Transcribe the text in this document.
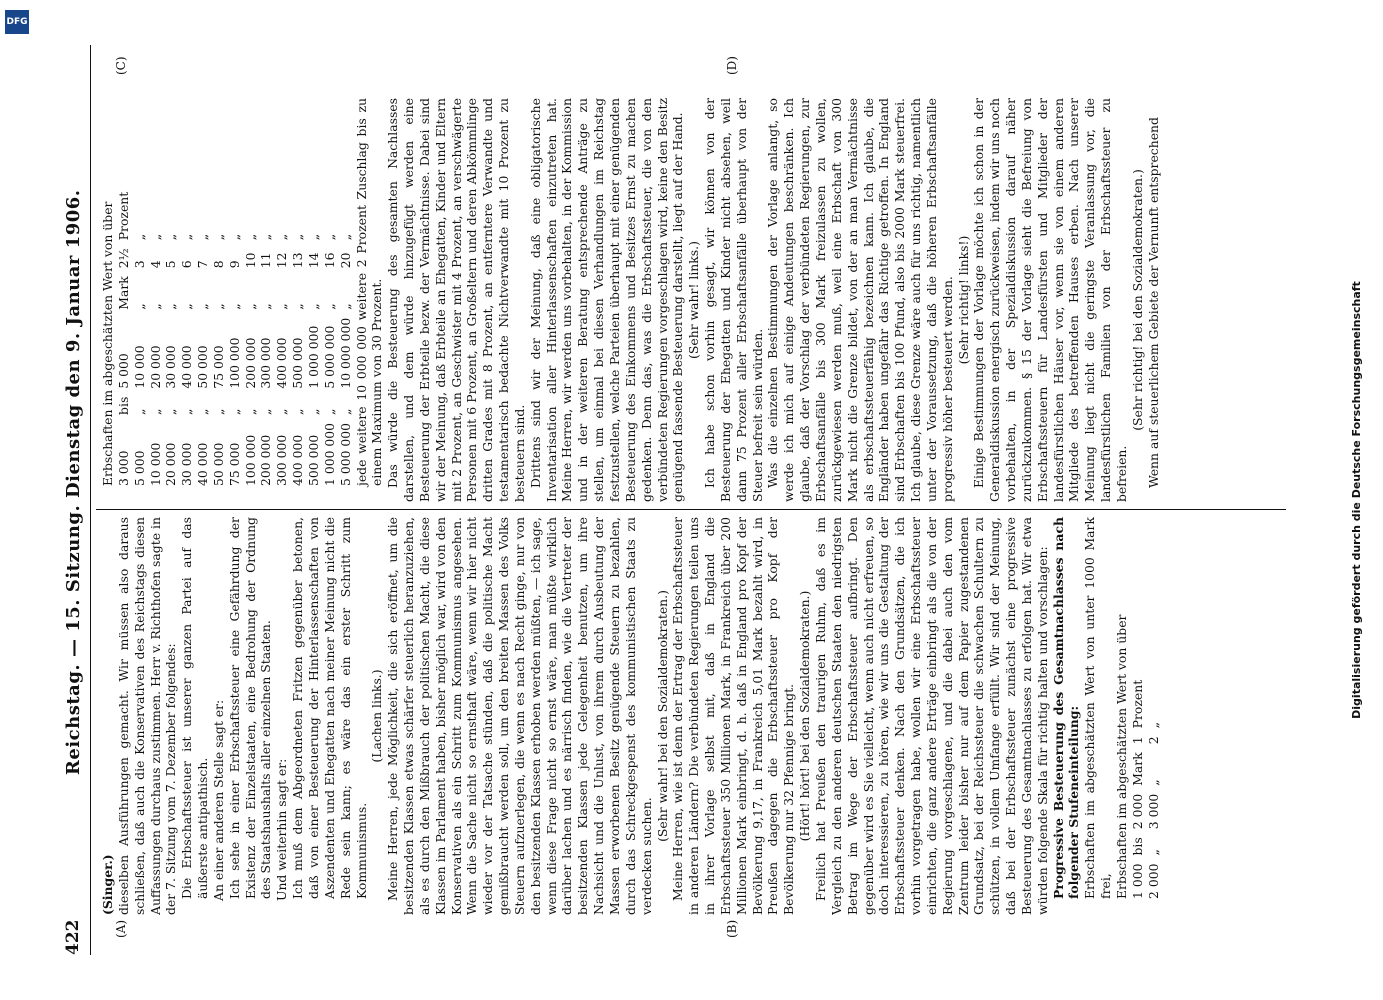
422
Reichstag. — 15. Sitzung. Dienstag den 9. Januar 1906.
(A)	(B)
(C)	(D)

(Singer.) dieselben Ausführungen gemacht. Wir müssen also daraus schließen, daß auch die Konservativen des Reichstags diesen Auffassungen durchaus zustimmen. Herr v. Richthofen sagte in der 7. Sitzung vom 7. Dezember folgendes: Die Erbschaftssteuer ist unserer ganzen Partei auf das äußerste antipathisch. An einer anderen Stelle sagt er: Ich sehe in einer Erbschaftssteuer eine Gefährdung der Existenz der Einzelstaaten, eine Bedrohung der Ordnung des Staatshaushalts aller einzelnen Staaten. Und weiterhin sagt er: Ich muß dem Abgeordneten Fritzen gegenüber betonen, daß von einer Besteuerung der Hinterlassenschaften von Aszendenten und Ehegatten nach meiner Meinung nicht die Rede sein kann; es wäre das ein erster Schritt zum Kommunismus.

(Lachen links.) Meine Herren, jede Möglichkeit, die sich eröffnet, um die besitzenden Klassen etwas schärfer steuerlich heranzuziehen, als es durch den Mißbrauch der politischen Macht, die diese Klassen im Parlament haben, bisher möglich war, wird von den Konservativen als ein Schritt zum Kommunismus angesehen. Wenn die Sache nicht so ernsthaft wäre, wenn wir hier nicht wieder vor der Tatsache stünden, daß die politische Macht gemißbraucht werden soll, um den breiten Massen des Volks Steuern aufzuerlegen, die wenn es nach Recht ginge, nur von den besitzenden Klassen erhoben werden müßten, — ich sage, wenn diese Frage nicht so ernst wäre, man müßte wirklich darüber lachen und es närrisch finden, wie die Vertreter der besitzenden Klassen jede Gelegenheit benutzen, um ihre Nachsicht und die Unlust, von ihrem durch Ausbeutung der Massen erworbenen Besitz genügende Steuern zu bezahlen, durch das Schreckgespenst des kommunistischen Staats zu verdecken suchen.

(Sehr wahr! bei den Sozialdemokraten.) Meine Herren, wie ist denn der Ertrag der Erbschaftssteuer in anderen Ländern? Die verbündeten Regierungen teilen uns in ihrer Vorlage selbst mit, daß in England die Erbschaftssteuer 350 Millionen Mark, in Frankreich über 200 Millionen Mark einbringt, d. h. daß in England pro Kopf der Bevölkerung 9,17, in Frankreich 5,01 Mark bezahlt wird, in Preußen dagegen die Erbschaftssteuer pro Kopf der Bevölkerung nur 32 Pfennige bringt. (Hört! hört! bei den Sozialdemokraten.) Freilich hat Preußen den traurigen Ruhm, daß es im Vergleich zu den anderen deutschen Staaten den niedrigsten Betrag im Wege der Erbschaftssteuer aufbringt. Den gegenüber wird es Sie vielleicht, wenn auch nicht erfreuen, so doch interessieren, zu hören, wie wir uns die Gestaltung der Erbschaftssteuer denken. Nach den Grundsätzen, die ich vorhin vorgetragen habe, wollen wir eine Erbschaftssteuer einrichten, die ganz andere Erträge einbringt als die von der Regierung vorgeschlagene, und die dabei auch den vom Zentrum leider bisher nur auf dem Papier zugestandenen Grundsatz, bei der Reichssteuer die schwachen Schultern zu schützen, in vollem Umfange erfüllt. Wir sind der Meinung, daß bei der Erbschaftssteuer zunächst eine progressive Besteuerung des Gesamtnachlasses zu erfolgen hat. Wir etwa würden folgende Skala für richtig halten und vorschlagen: Progressive Besteuerung des Gesamtnachlasses nach folgender Stufeneinteilung: Erbschaften im abgeschätzten Wert von unter 1000 Mark frei, Erbschaften im abgeschätzten Wert von über 1 000	bis	2 000	Mark	1	Prozent
2 000	„	3 000	„	2	„

Erbschaften im abgeschätzten Wert von über 3 000	bis	5 000	Mark	2½	Prozent
5 000	„	10 000	„	3	„
10 000	„	20 000	„	4	„
20 000	„	30 000	„	5	„
30 000	„	40 000	„	6	„
40 000	„	50 000	„	7	„
50 000	„	75 000	„	8	„
75 000	„	100 000	„	9	„
100 000	„	200 000	„	10	„
200 000	„	300 000	„	11	„
300 000	„	400 000	„	12	„
400 000	„	500 000	„	13	„
500 000	„	1 000 000	„	14	„
1 000 000	„	5 000 000	„	16	„
5 000 000	„	10 000 000	„	20	„ jede weitere 10 000 000 weitere 2 Prozent Zuschlag bis zu einem Maximum von 30 Prozent. Das würde die Besteuerung des gesamten Nachlasses darstellen, und dem würde hinzugefügt werden eine Besteuerung der Erbteile bezw. der Vermächtnisse. Dabei sind wir der Meinung, daß Erbteile an Ehegatten, Kinder und Eltern mit 2 Prozent, an Geschwister mit 4 Prozent, an verschwägerte Personen mit 6 Prozent, an Großeltern und deren Abkömmlinge dritten Grades mit 8 Prozent, an entferntere Verwandte und testamentarisch bedachte Nichtverwandte mit 10 Prozent zu besteuern sind. Drittens sind wir der Meinung, daß eine obligatorische Inventarisation aller Hinterlassenschaften einzutreten hat. Meine Herren, wir werden uns vorbehalten, in der Kommission und in der weiteren Beratung entsprechende Anträge zu stellen, um einmal bei diesen Verhandlungen im Reichstag festzustellen, welche Parteien überhaupt mit einer genügenden Besteuerung des Einkommens und Besitzes Ernst zu machen gedenken. Denn das, was die Erbschaftssteuer, die von den verbündeten Regierungen vorgeschlagen wird, keine den Besitz genügend fassende Besteuerung darstellt, liegt auf der Hand. (Sehr wahr! links.) Ich habe schon vorhin gesagt, wir können von der Besteuerung der Ehegatten und Kinder nicht absehen, weil dann 75 Prozent aller Erbschaftsanfälle überhaupt von der Steuer befreit sein würden. Was die einzelnen Bestimmungen der Vorlage anlangt, so werde ich mich auf einige Andeutungen beschränken. Ich glaube, daß der Vorschlag der verbündeten Regierungen, zur Erbschaftsanfälle bis 300 Mark freizulassen zu wollen, zurückgewiesen werden muß, weil eine Erbschaft von 300 Mark nicht die Grenze bildet, von der an man Vermächtnisse als erbschaftssteuerfähig bezeichnen kann. Ich glaube, die Engländer haben ungefähr das Richtige getroffen. In England sind Erbschaften bis 100 Pfund, also bis 2000 Mark steuerfrei. Ich glaube, diese Grenze wäre auch für uns richtig, namentlich unter der Voraussetzung, daß die höheren Erbschaftsanfälle progressiv höher besteuert werden. (Sehr richtig! links!) Einige Bestimmungen der Vorlage möchte ich schon in der Generaldiskussion energisch zurückweisen, indem wir uns noch vorbehalten, in der Spezialdiskussion darauf näher zurückzukommen. § 15 der Vorlage sieht die Befreiung von Erbschaftssteuern für Landesfürsten und Mitglieder der landesfürstlichen Häuser vor, wenn sie von einem anderen Mitgliede des betreffenden Hauses erben. Nach unserer Meinung liegt nicht die geringste Veranlassung vor, die landesfürstlichen Familien von der Erbschaftssteuer zu befreien.

(Sehr richtig! bei den Sozialdemokraten.) Wenn auf steuerlichem Gebiete der Vernunft entsprechend	Digitalisierung gefördert durch die Deutsche Forschungsgemeinschaft
DFG
